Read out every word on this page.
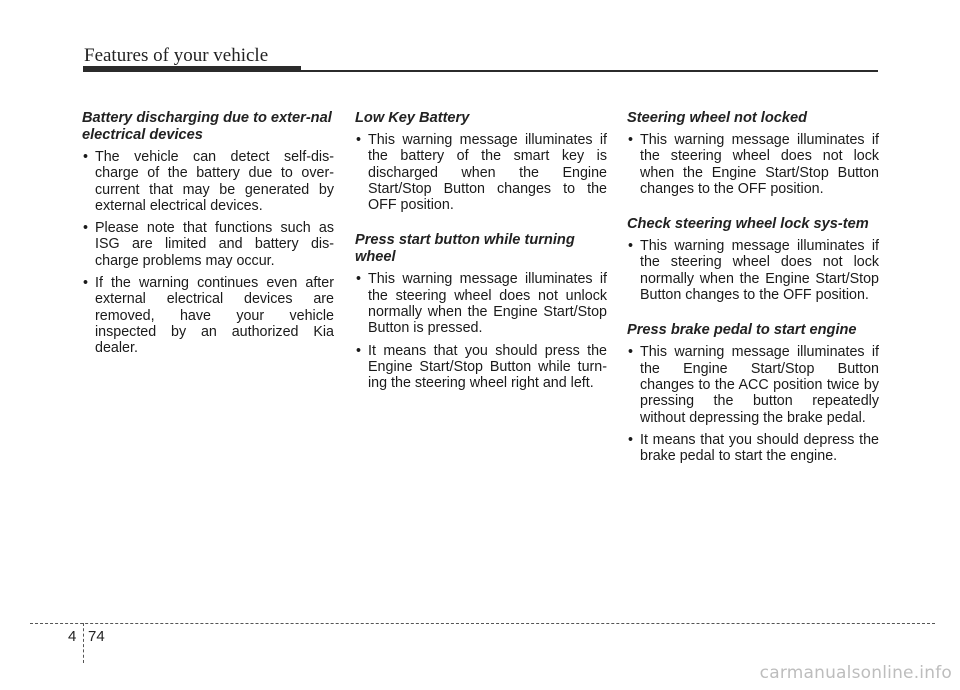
Features of your vehicle
Battery discharging due to exter-nal electrical devices
• The vehicle can detect self-dis-charge of the battery due to over-current that may be generated by external electrical devices.
• Please note that functions such as ISG are limited and battery dis-charge problems may occur.
• If the warning continues even after external electrical devices are removed, have your vehicle inspected by an authorized Kia dealer.
Low Key Battery
• This warning message illuminates if the battery of the smart key is discharged when the Engine Start/Stop Button changes to the OFF position.
Press start button while turning wheel
• This warning message illuminates if the steering wheel does not unlock normally when the Engine Start/Stop Button is pressed.
• It means that you should press the Engine Start/Stop Button while turn-ing the steering wheel right and left.
Steering wheel not locked
• This warning message illuminates if the steering wheel does not lock when the Engine Start/Stop Button changes to the OFF position.
Check steering wheel lock sys-tem
• This warning message illuminates if the steering wheel does not lock normally when the Engine Start/Stop Button changes to the OFF position.
Press brake pedal to start engine
• This warning message illuminates if the Engine Start/Stop Button changes to the ACC position twice by pressing the button repeatedly without depressing the brake pedal.
• It means that you should depress the brake pedal to start the engine.
4 74
carmanualsonline.info
